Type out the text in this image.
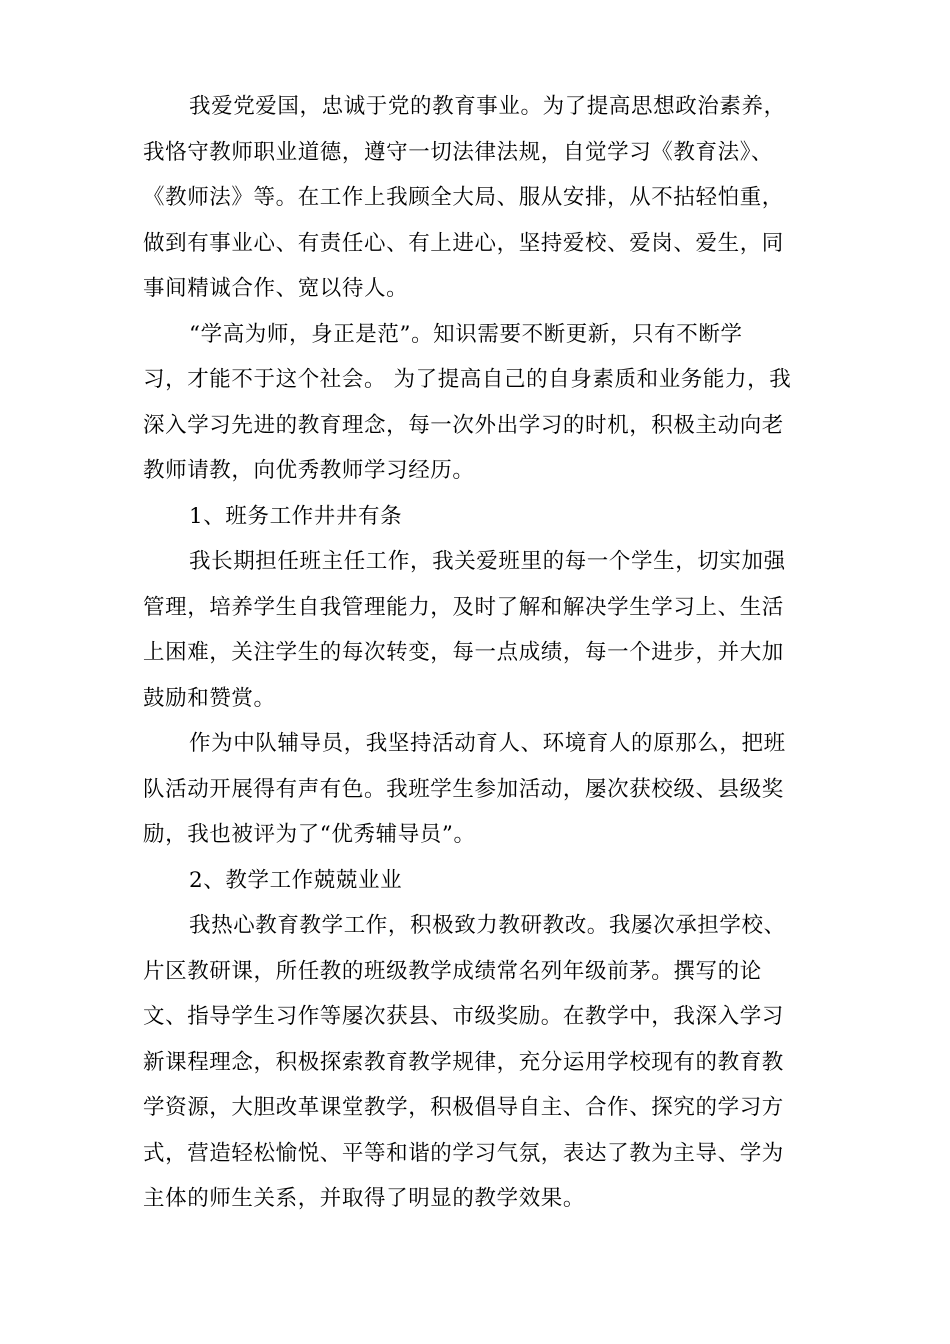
我爱党爱国，忠诚于党的教育事业。为了提高思想政治素养，
我恪守教师职业道德，遵守一切法律法规，自觉学习《教育法》、
《教师法》等。在工作上我顾全大局、服从安排，从不拈轻怕重，
做到有事业心、有责任心、有上进心，坚持爱校、爱岗、爱生，同
事间精诚合作、宽以待人。
“学高为师，身正是范”。知识需要不断更新，只有不断学
习，才能不于这个社会。 为了提高自己的自身素质和业务能力，我
深入学习先进的教育理念，每一次外出学习的时机，积极主动向老
教师请教，向优秀教师学习经历。
1、班务工作井井有条
我长期担任班主任工作，我关爱班里的每一个学生，切实加强
管理，培养学生自我管理能力，及时了解和解决学生学习上、生活
上困难，关注学生的每次转变，每一点成绩，每一个进步，并大加
鼓励和赞赏。
作为中队辅导员，我坚持活动育人、环境育人的原那么，把班
队活动开展得有声有色。我班学生参加活动，屡次获校级、县级奖
励，我也被评为了“优秀辅导员”。
2、教学工作兢兢业业
我热心教育教学工作，积极致力教研教改。我屡次承担学校、
片区教研课，所任教的班级教学成绩常名列年级前茅。撰写的论
文、指导学生习作等屡次获县、市级奖励。在教学中，我深入学习
新课程理念，积极探索教育教学规律，充分运用学校现有的教育教
学资源，大胆改革课堂教学，积极倡导自主、合作、探究的学习方
式，营造轻松愉悦、平等和谐的学习气氛，表达了教为主导、学为
主体的师生关系，并取得了明显的教学效果。
